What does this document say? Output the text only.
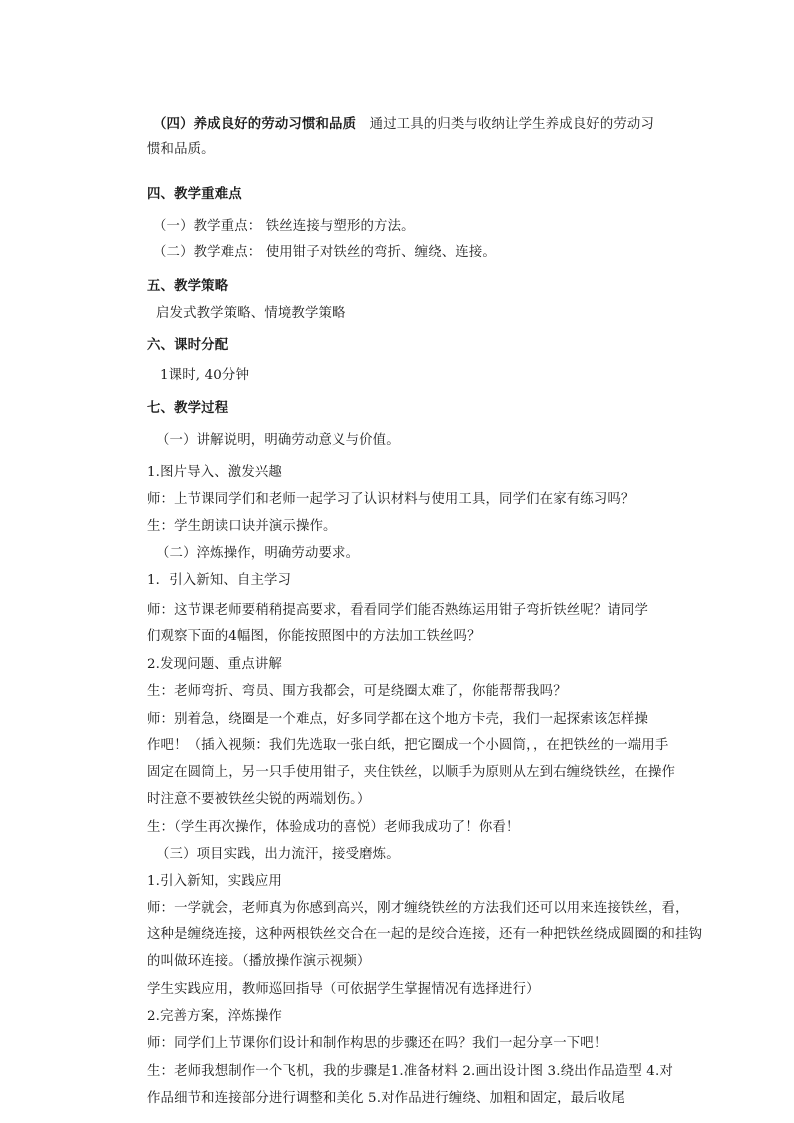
（四）养成良好的劳动习惯和品质　通过工具的归类与收纳让学生养成良好的劳动习

惯和品质。

四、教学重难点

（一）教学重点： 铁丝连接与塑形的方法。

（二）教学难点： 使用钳子对铁丝的弯折、缠绕、连接。

五、教学策略

启发式教学策略、情境教学策略

六、课时分配

1课时, 40分钟

七、教学过程

（一）讲解说明，明确劳动意义与价值。

1.图片导入、激发兴趣

师：上节课同学们和老师一起学习了认识材料与使用工具，同学们在家有练习吗？

生：学生朗读口诀并演示操作。

（二）淬炼操作，明确劳动要求。

1．引入新知、自主学习

师：这节课老师要稍稍提高要求，看看同学们能否熟练运用钳子弯折铁丝呢？请同学

们观察下面的4幅图，你能按照图中的方法加工铁丝吗？

2.发现问题、重点讲解

生：老师弯折、弯员、围方我都会，可是绕圈太难了，你能帮帮我吗？

师：别着急，绕圈是一个难点，好多同学都在这个地方卡壳，我们一起探索该怎样操

作吧！（插入视频：我们先选取一张白纸，把它圈成一个小圆筒，，在把铁丝的一端用手

固定在圆筒上，另一只手使用钳子，夹住铁丝，以顺手为原则从左到右缠绕铁丝，在操作

时注意不要被铁丝尖锐的两端划伤。）

生：（学生再次操作，体验成功的喜悦）老师我成功了！你看！

（三）项目实践，出力流汗，接受磨炼。

1.引入新知，实践应用

师：一学就会，老师真为你感到高兴，刚才缠绕铁丝的方法我们还可以用来连接铁丝，看，

这种是缠绕连接，这种两根铁丝交合在一起的是绞合连接，还有一种把铁丝绕成圆圈的和挂钩

的叫做环连接。（播放操作演示视频）

学生实践应用，教师巡回指导（可依据学生掌握情况有选择进行）

2.完善方案，淬炼操作

师：同学们上节课你们设计和制作构思的步骤还在吗？我们一起分享一下吧！

生：老师我想制作一个飞机，我的步骤是1.准备材料 2.画出设计图 3.绕出作品造型 4.对

作品细节和连接部分进行调整和美化 5.对作品进行缠绕、加粗和固定，最后收尾
